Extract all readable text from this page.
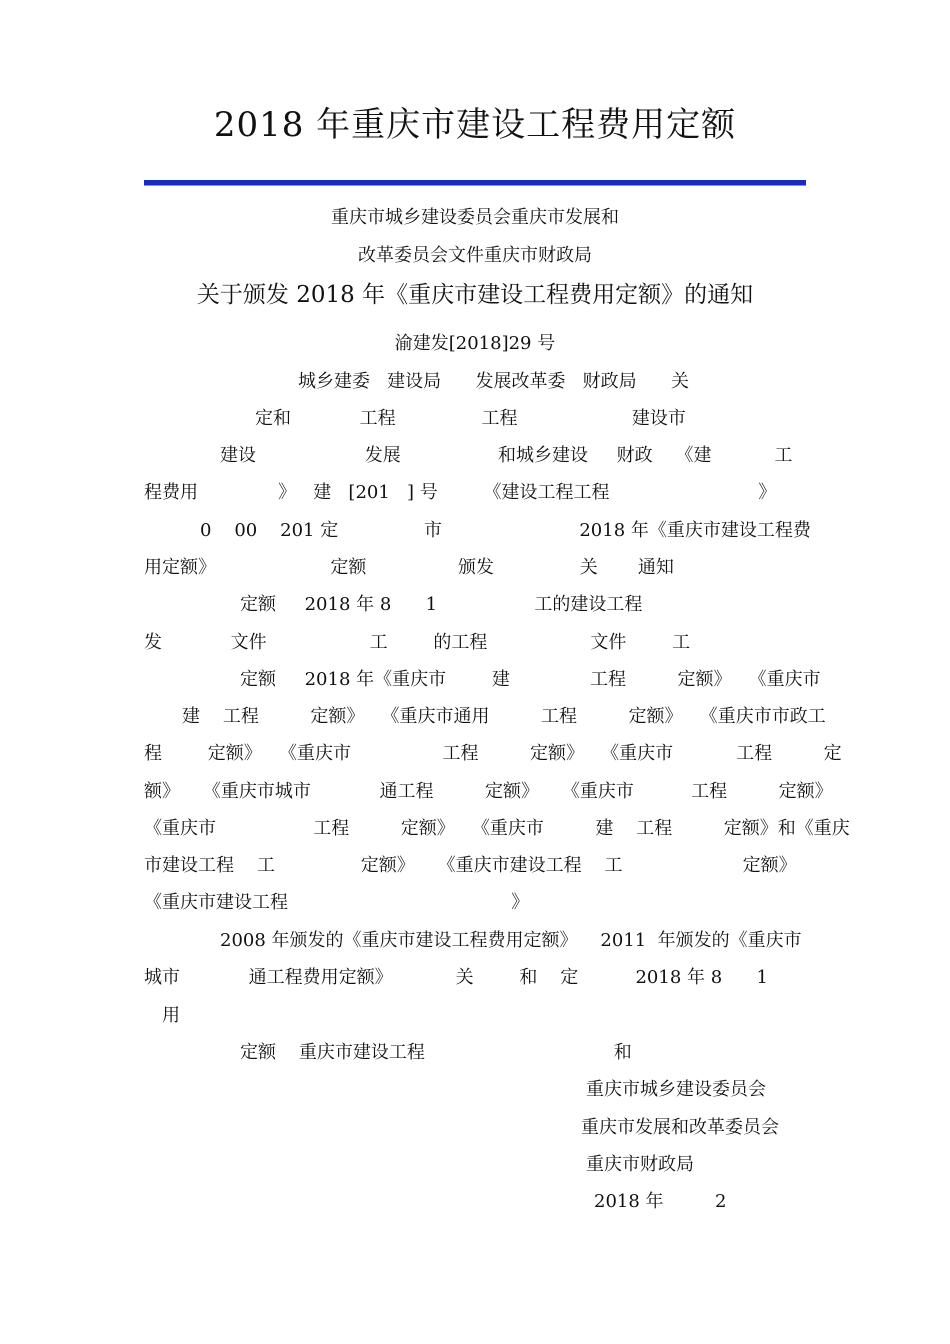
2018 年重庆市建设工程费用定额
重庆市城乡建设委员会重庆市发展和
改革委员会文件重庆市财政局
关于颁发 2018 年《重庆市建设工程费用定额》的通知
渝建发[2018]29 号
城乡建委   建设局      发展改革委   财政局      关
定和            工程               工程                    建设市
建设                   发展                 和城乡建设     财政    《建           工
程费用              》   建   [201   ] 号        《建设工程工程                          》
0    00    201 定               市                        2018 年《重庆市建设工程费
用定额》                    定额                颁发               关       通知
定额     2018 年 8      1                 工的建设工程
发            文件                  工        的工程                  文件        工
定额     2018 年《重庆市        建              工程         定额》   《重庆市
建    工程         定额》   《重庆市通用         工程         定额》   《重庆市市政工
程        定额》   《重庆市                工程         定额》   《重庆市           工程         定
额》    《重庆市城市            通工程         定额》    《重庆市          工程         定额》
《重庆市                 工程         定额》   《重庆市         建    工程         定额》和《重庆
市建设工程    工               定额》    《重庆市建设工程    工                     定额》
《重庆市建设工程                                       》
2008 年颁发的《重庆市建设工程费用定额》    2011  年颁发的《重庆市
城市            通工程费用定额》           关        和    定          2018 年 8      1
用
定额    重庆市建设工程                                 和
重庆市城乡建设委员会
重庆市发展和改革委员会
重庆市财政局
2018 年         2
